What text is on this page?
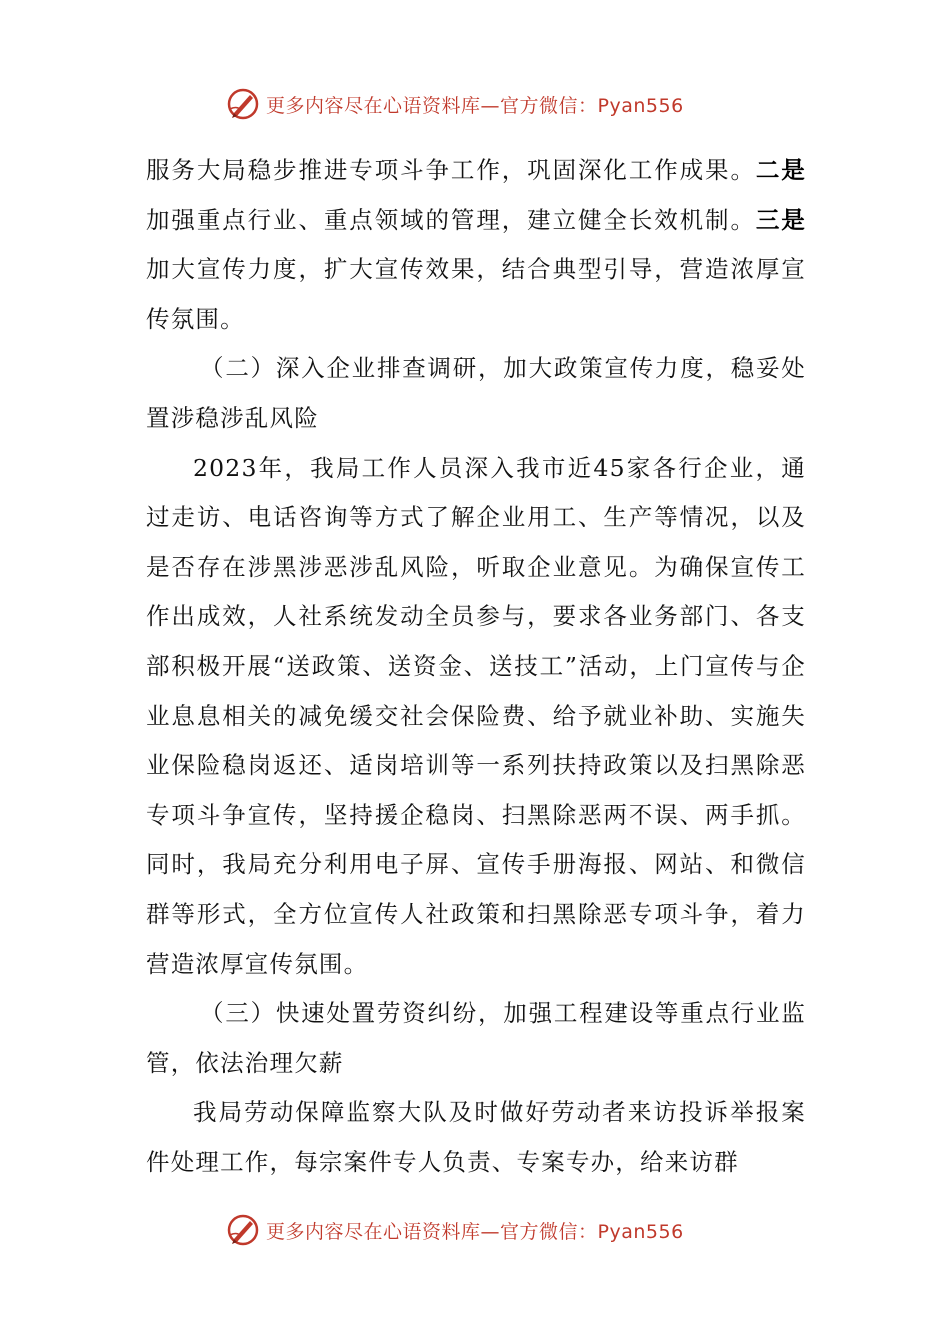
更多内容尽在心语资料库—官方微信：Pyan556

服务大局稳步推进专项斗争工作，巩固深化工作成果。二是加强重点行业、重点领域的管理，建立健全长效机制。三是加大宣传力度，扩大宣传效果，结合典型引导，营造浓厚宣传氛围。

（二）深入企业排查调研，加大政策宣传力度，稳妥处置涉稳涉乱风险

2023年，我局工作人员深入我市近45家各行企业，通过走访、电话咨询等方式了解企业用工、生产等情况，以及是否存在涉黑涉恶涉乱风险，听取企业意见。为确保宣传工作出成效，人社系统发动全员参与，要求各业务部门、各支部积极开展“送政策、送资金、送技工”活动，上门宣传与企业息息相关的减免缓交社会保险费、给予就业补助、实施失业保险稳岗返还、适岗培训等一系列扶持政策以及扫黑除恶专项斗争宣传，坚持援企稳岗、扫黑除恶两不误、两手抓。同时，我局充分利用电子屏、宣传手册海报、网站、和微信群等形式，全方位宣传人社政策和扫黑除恶专项斗争，着力营造浓厚宣传氛围。

（三）快速处置劳资纠纷，加强工程建设等重点行业监管，依法治理欠薪

我局劳动保障监察大队及时做好劳动者来访投诉举报案件处理工作，每宗案件专人负责、专案专办，给来访群

更多内容尽在心语资料库—官方微信：Pyan556
